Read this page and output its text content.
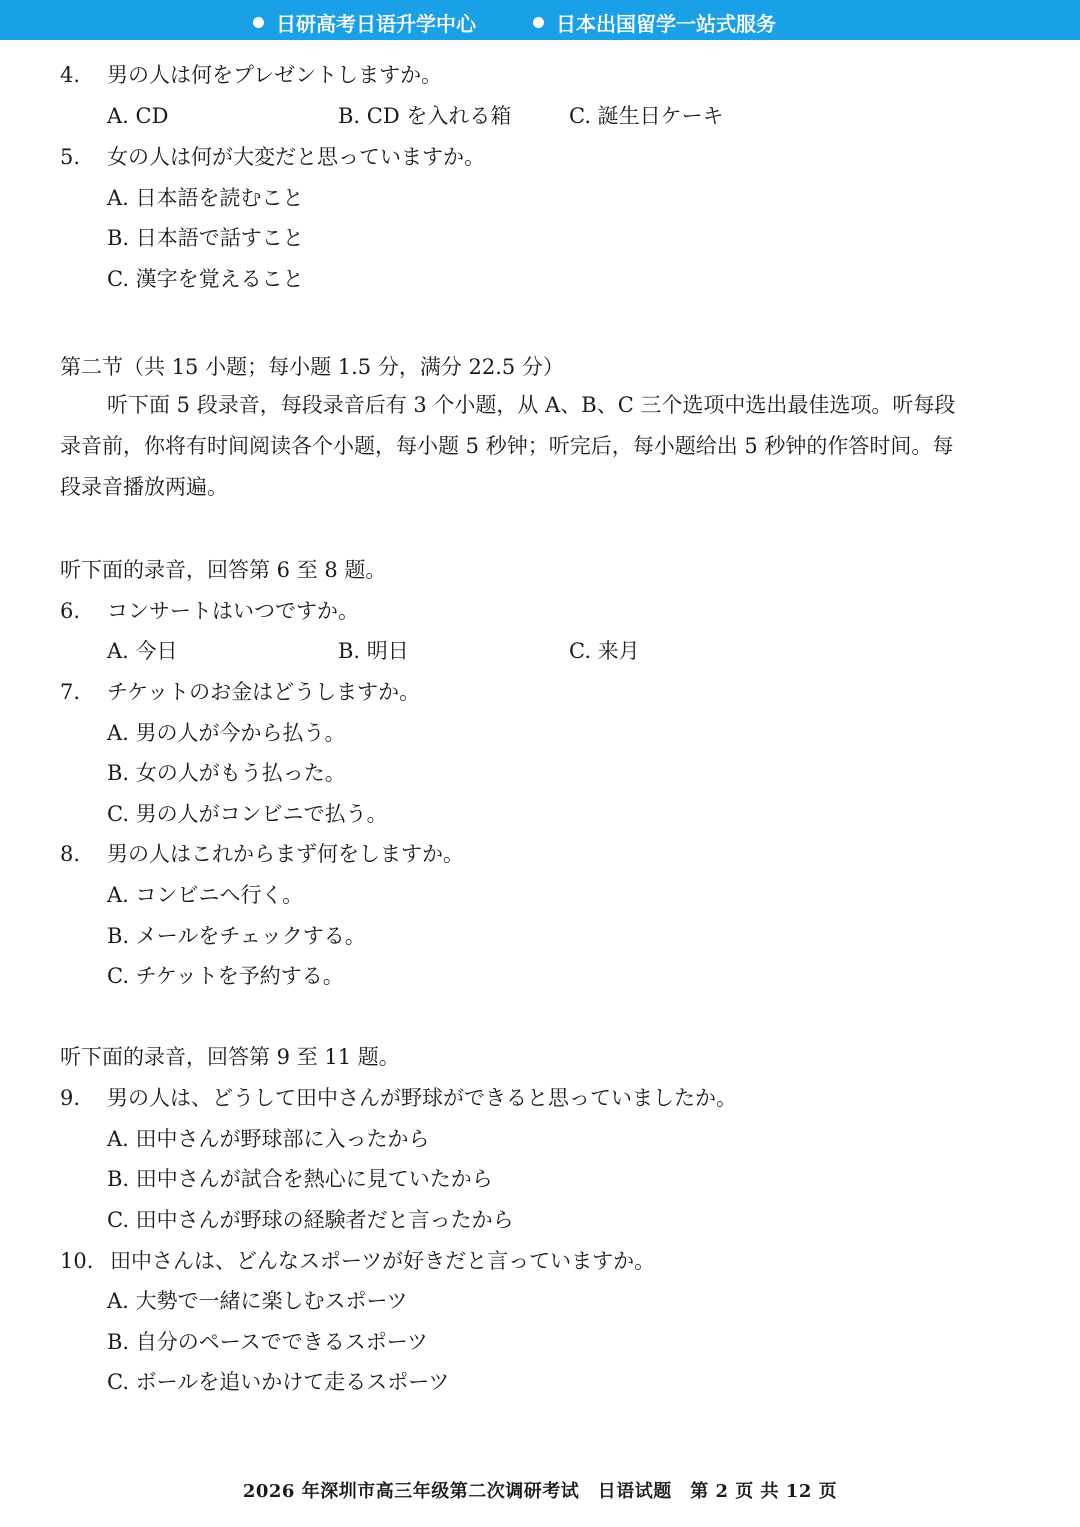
日研高考日语升学中心	日本出国留学一站式服务
4. 男の人は何をプレゼントしますか。
A. CD	B. CD を入れる箱	C. 誕生日ケーキ
5. 女の人は何が大変だと思っていますか。
A. 日本語を読むこと
B. 日本語で話すこと
C. 漢字を覚えること
第二节（共 15 小题；每小题 1.5 分，满分 22.5 分）
听下面 5 段录音，每段录音后有 3 个小题，从 A、B、C 三个选项中选出最佳选项。听每段录音前，你将有时间阅读各个小题，每小题 5 秒钟；听完后，每小题给出 5 秒钟的作答时间。每段录音播放两遍。
听下面的录音，回答第 6 至 8 题。
6. コンサートはいつですか。
A. 今日	B. 明日	C. 来月
7. チケットのお金はどうしますか。
A. 男の人が今から払う。
B. 女の人がもう払った。
C. 男の人がコンビニで払う。
8. 男の人はこれからまず何をしますか。
A. コンビニへ行く。
B. メールをチェックする。
C. チケットを予約する。
听下面的录音，回答第 9 至 11 题。
9. 男の人は、どうして田中さんが野球ができると思っていましたか。
A. 田中さんが野球部に入ったから
B. 田中さんが試合を熱心に見ていたから
C. 田中さんが野球の経験者だと言ったから
10. 田中さんは、どんなスポーツが好きだと言っていますか。
A. 大勢で一緒に楽しむスポーツ
B. 自分のペースでできるスポーツ
C. ボールを追いかけて走るスポーツ
2026 年深圳市高三年级第二次调研考试　日语试题　第 2 页 共 12 页
